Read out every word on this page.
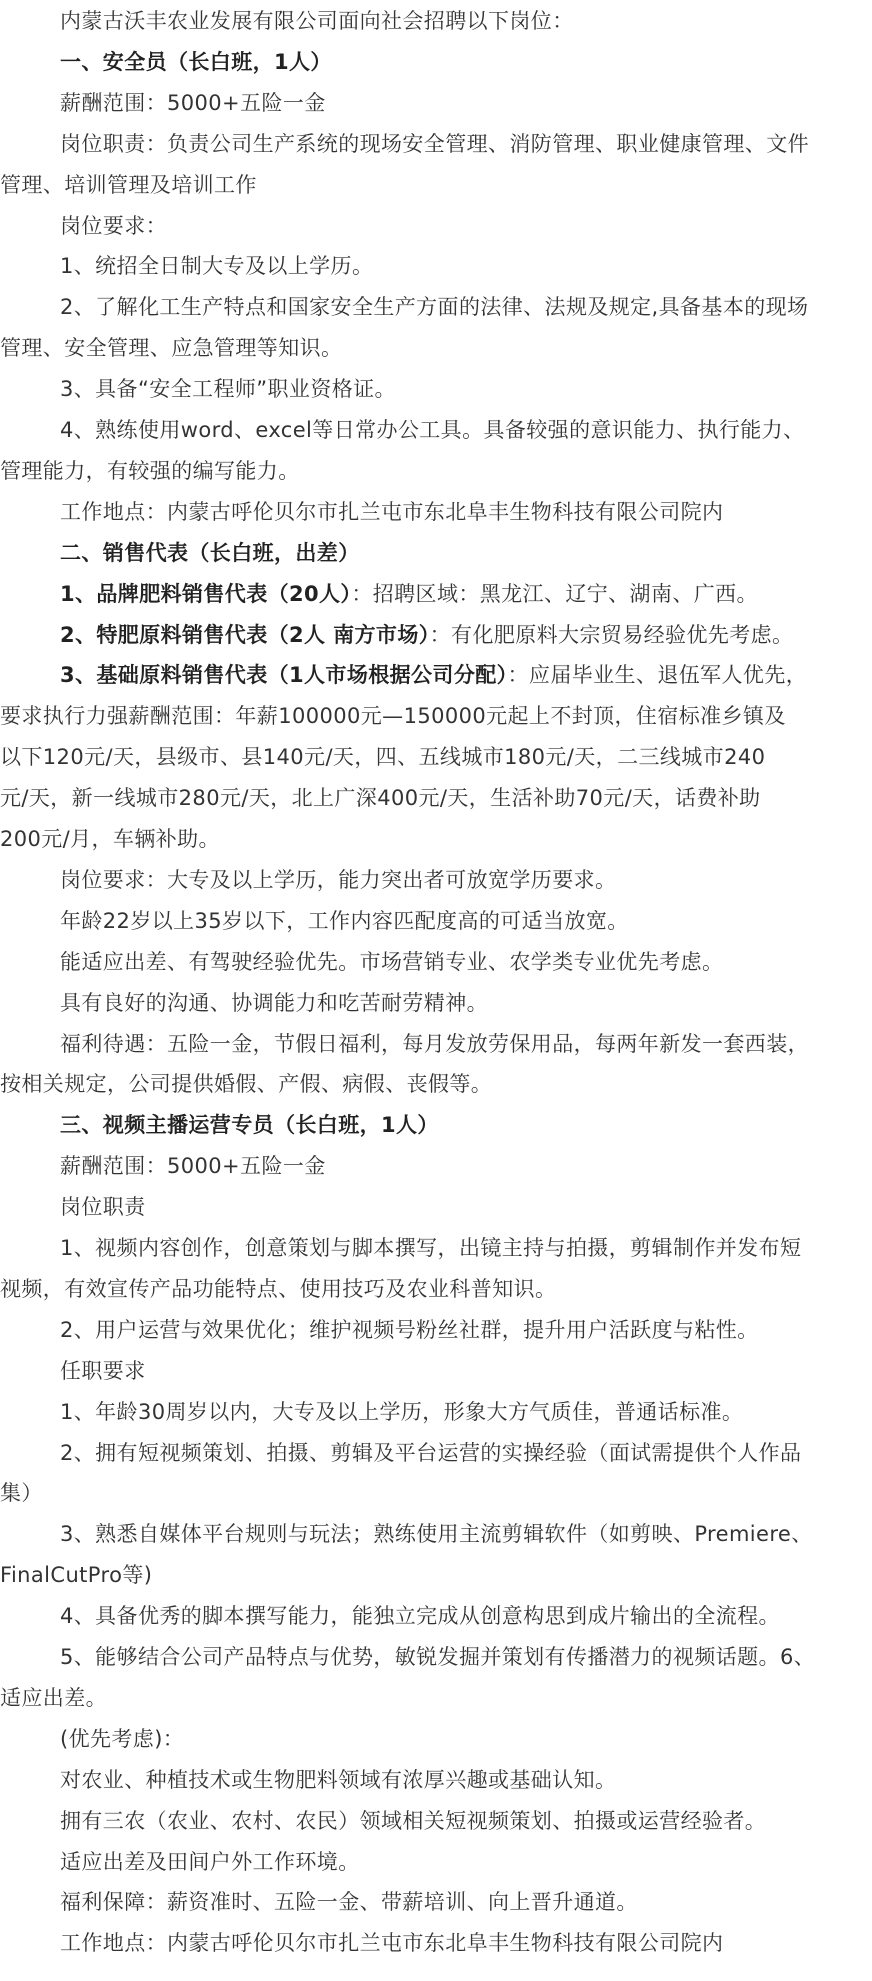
内蒙古沃丰农业发展有限公司面向社会招聘以下岗位：
一、安全员（长白班，1人）
薪酬范围：5000+五险一金
岗位职责：负责公司生产系统的现场安全管理、消防管理、职业健康管理、文件
管理、培训管理及培训工作
岗位要求：
1、统招全日制大专及以上学历。
2、了解化工生产特点和国家安全生产方面的法律、法规及规定,具备基本的现场
管理、安全管理、应急管理等知识。
3、具备“安全工程师”职业资格证。
4、熟练使用word、excel等日常办公工具。具备较强的意识能力、执行能力、
管理能力，有较强的编写能力。
工作地点：内蒙古呼伦贝尔市扎兰屯市东北阜丰生物科技有限公司院内
二、销售代表（长白班，出差）
1、品牌肥料销售代表（20人）：招聘区域：黑龙江、辽宁、湖南、广西。
2、特肥原料销售代表（2人 南方市场）：有化肥原料大宗贸易经验优先考虑。
3、基础原料销售代表（1人市场根据公司分配）：应届毕业生、退伍军人优先，
要求执行力强薪酬范围：年薪100000元—150000元起上不封顶，住宿标准乡镇及
以下120元/天，县级市、县140元/天，四、五线城市180元/天，二三线城市240
元/天，新一线城市280元/天，北上广深400元/天，生活补助70元/天，话费补助
200元/月，车辆补助。
岗位要求：大专及以上学历，能力突出者可放宽学历要求。
年龄22岁以上35岁以下，工作内容匹配度高的可适当放宽。
能适应出差、有驾驶经验优先。市场营销专业、农学类专业优先考虑。
具有良好的沟通、协调能力和吃苦耐劳精神。
福利待遇：五险一金，节假日福利，每月发放劳保用品，每两年新发一套西装，
按相关规定，公司提供婚假、产假、病假、丧假等。
三、视频主播运营专员（长白班，1人）
薪酬范围：5000+五险一金
岗位职责
1、视频内容创作，创意策划与脚本撰写，出镜主持与拍摄，剪辑制作并发布短
视频，有效宣传产品功能特点、使用技巧及农业科普知识。
2、用户运营与效果优化；维护视频号粉丝社群，提升用户活跃度与粘性。
任职要求
1、年龄30周岁以内，大专及以上学历，形象大方气质佳，普通话标准。
2、拥有短视频策划、拍摄、剪辑及平台运营的实操经验（面试需提供个人作品
集）
3、熟悉自媒体平台规则与玩法；熟练使用主流剪辑软件（如剪映、Premiere、
FinalCutPro等)
4、具备优秀的脚本撰写能力，能独立完成从创意构思到成片输出的全流程。
5、能够结合公司产品特点与优势，敏锐发掘并策划有传播潜力的视频话题。6、
适应出差。
(优先考虑)：
对农业、种植技术或生物肥料领域有浓厚兴趣或基础认知。
拥有三农（农业、农村、农民）领域相关短视频策划、拍摄或运营经验者。
适应出差及田间户外工作环境。
福利保障：薪资准时、五险一金、带薪培训、向上晋升通道。
工作地点：内蒙古呼伦贝尔市扎兰屯市东北阜丰生物科技有限公司院内
